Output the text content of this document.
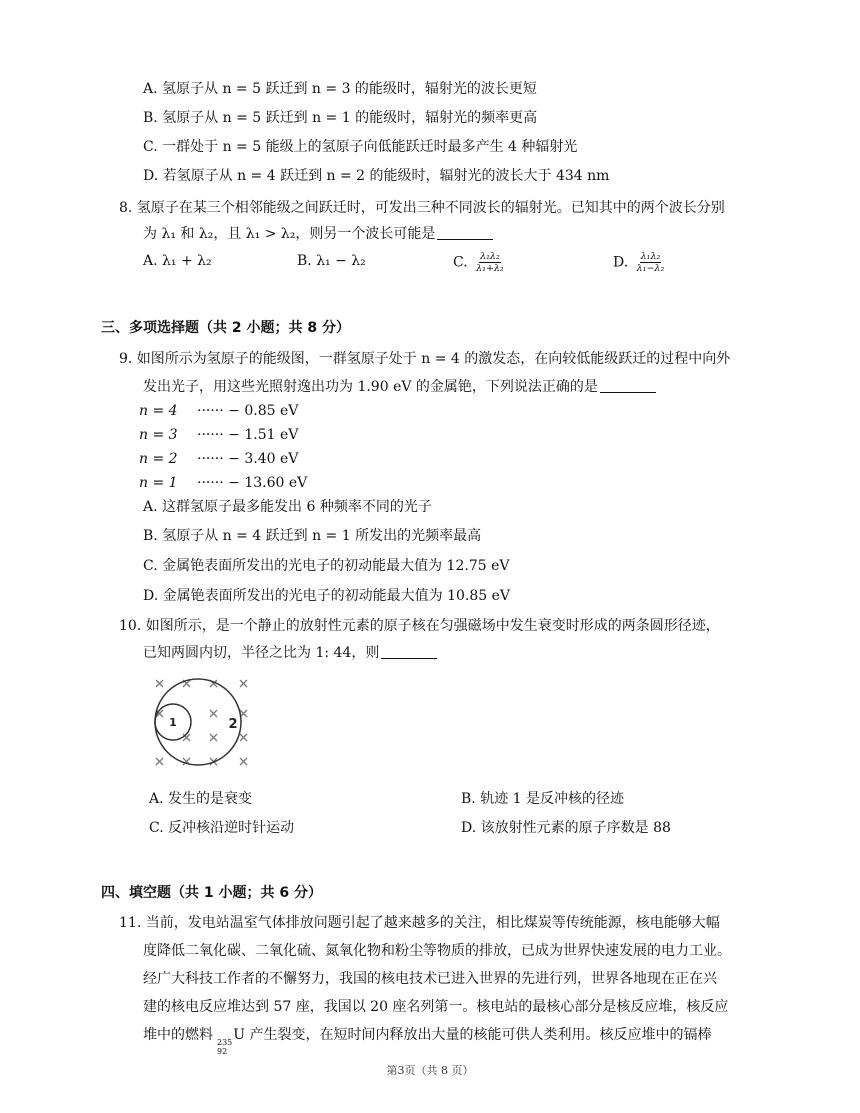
A. 氢原子从 n = 5 跃迁到 n = 3 的能级时，辐射光的波长更短
B. 氢原子从 n = 5 跃迁到 n = 1 的能级时，辐射光的频率更高
C. 一群处于 n = 5 能级上的氢原子向低能跃迁时最多产生 4 种辐射光
D. 若氢原子从 n = 4 跃迁到 n = 2 的能级时，辐射光的波长大于 434 nm
8. 氢原子在某三个相邻能级之间跃迁时，可发出三种不同波长的辐射光。已知其中的两个波长分别
为 λ₁ 和 λ₂，且 λ₁ > λ₂，则另一个波长可能是
A. λ₁ + λ₂	B. λ₁ − λ₂	C. $\frac{\text{λ₁λ₂}}{\text{λ₁+λ₂}}$	D. $\frac{\text{λ₁λ₂}}{\text{λ₁−λ₂}}$
三、多项选择题（共 2 小题；共 8 分）
9. 如图所示为氢原子的能级图，一群氢原子处于 n = 4 的激发态，在向较低能级跃迁的过程中向外
发出光子，用这些光照射逸出功为 1.90 eV 的金属铯，下列说法正确的是
n = 4 ······ − 0.85 eV
n = 3 ······ − 1.51 eV
n = 2 ······ − 3.40 eV
n = 1 ······ − 13.60 eV
A. 这群氢原子最多能发出 6 种频率不同的光子
B. 氢原子从 n = 4 跃迁到 n = 1 所发出的光频率最高
C. 金属铯表面所发出的光电子的初动能最大值为 12.75 eV
D. 金属铯表面所发出的光电子的初动能最大值为 10.85 eV
10. 如图所示，是一个静止的放射性元素的原子核在匀强磁场中发生衰变时形成的两条圆形径迹，
已知两圆内切，半径之比为 1: 44，则
1	2
A. 发生的是衰变	B. 轨迹 1 是反冲核的径迹
C. 反冲核沿逆时针运动	D. 该放射性元素的原子序数是 88
四、填空题（共 1 小题；共 6 分）
11. 当前，发电站温室气体排放问题引起了越来越多的关注，相比煤炭等传统能源，核电能够大幅
度降低二氧化碳、二氧化硫、氮氧化物和粉尘等物质的排放，已成为世界快速发展的电力工业。
经广大科技工作者的不懈努力，我国的核电技术已进入世界的先进行列，世界各地现在正在兴
建的核电反应堆达到 57 座，我国以 20 座名列第一。核电站的最核心部分是核反应堆，核反应
堆中的燃料 235
92
U 产生裂变，在短时间内释放出大量的核能可供人类利用。核反应堆中的镉棒
第3页（共 8 页）
